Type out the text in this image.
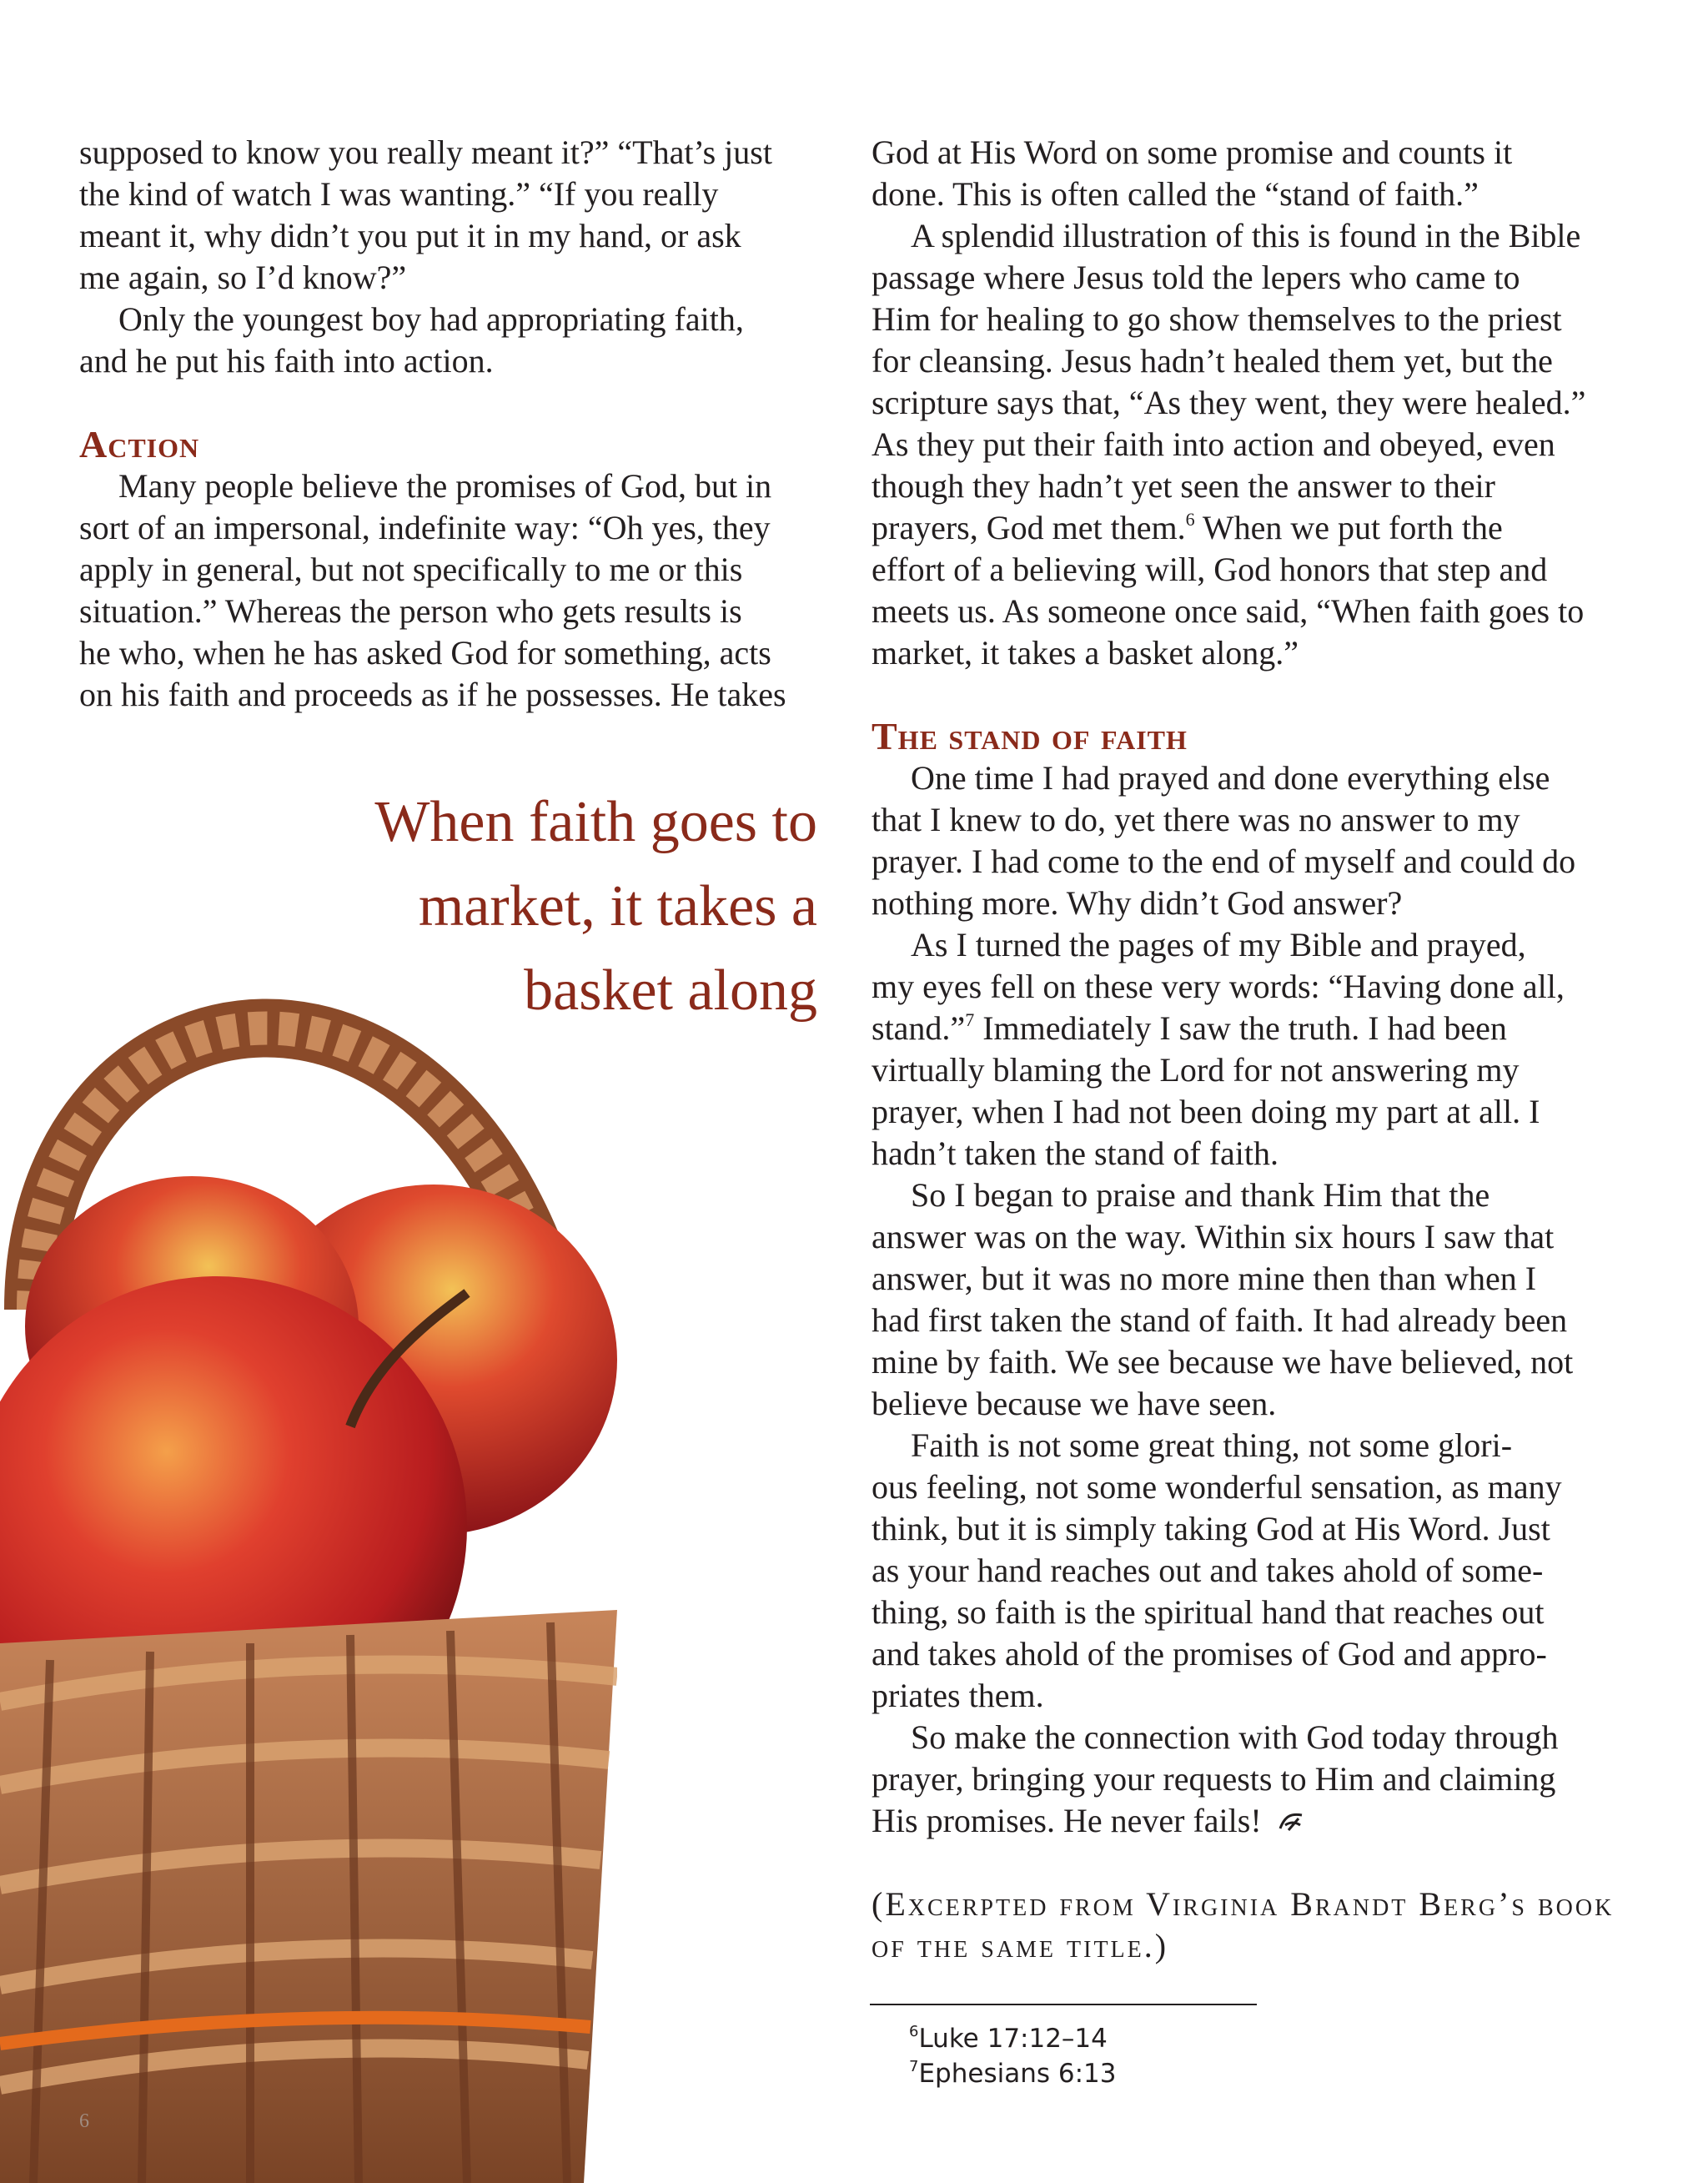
supposed to know you really meant it?” “That’s just
the kind of watch I was wanting.” “If you really
meant it, why didn’t you put it in my hand, or ask
me again, so I’d know?”
Only the youngest boy had appropriating faith,
and he put his faith into action.
Action
Many people believe the promises of God, but in
sort of an impersonal, indefinite way: “Oh yes, they
apply in general, but not specifically to me or this
situation.” Whereas the person who gets results is
he who, when he has asked God for something, acts
on his faith and proceeds as if he possesses. He takes
When faith goes to
market, it takes a
basket along
God at His Word on some promise and counts it
done. This is often called the “stand of faith.”
A splendid illustration of this is found in the Bible
passage where Jesus told the lepers who came to
Him for healing to go show themselves to the priest
for cleansing. Jesus hadn’t healed them yet, but the
scripture says that, “As they went, they were healed.”
As they put their faith into action and obeyed, even
though they hadn’t yet seen the answer to their
prayers, God met them.$^6$ When we put forth the
effort of a believing will, God honors that step and
meets us. As someone once said, “When faith goes to
market, it takes a basket along.”
The stand of faith
One time I had prayed and done everything else
that I knew to do, yet there was no answer to my
prayer. I had come to the end of myself and could do
nothing more. Why didn’t God answer?
As I turned the pages of my Bible and prayed,
my eyes fell on these very words: “Having done all,
stand.”$^7$ Immediately I saw the truth. I had been
virtually blaming the Lord for not answering my
prayer, when I had not been doing my part at all. I
hadn’t taken the stand of faith.
So I began to praise and thank Him that the
answer was on the way. Within six hours I saw that
answer, but it was no more mine then than when I
had first taken the stand of faith. It had already been
mine by faith. We see because we have believed, not
believe because we have seen.
Faith is not some great thing, not some glori-
ous feeling, not some wonderful sensation, as many
think, but it is simply taking God at His Word. Just
as your hand reaches out and takes ahold of some-
thing, so faith is the spiritual hand that reaches out
and takes ahold of the promises of God and appro-
priates them.
So make the connection with God today through
prayer, bringing your requests to Him and claiming
His promises. He never fails!
(Excerpted from Virginia Brandt Berg’s book
of the same title.)
$^6$Luke 17:12–14
$^7$Ephesians 6:13
6
